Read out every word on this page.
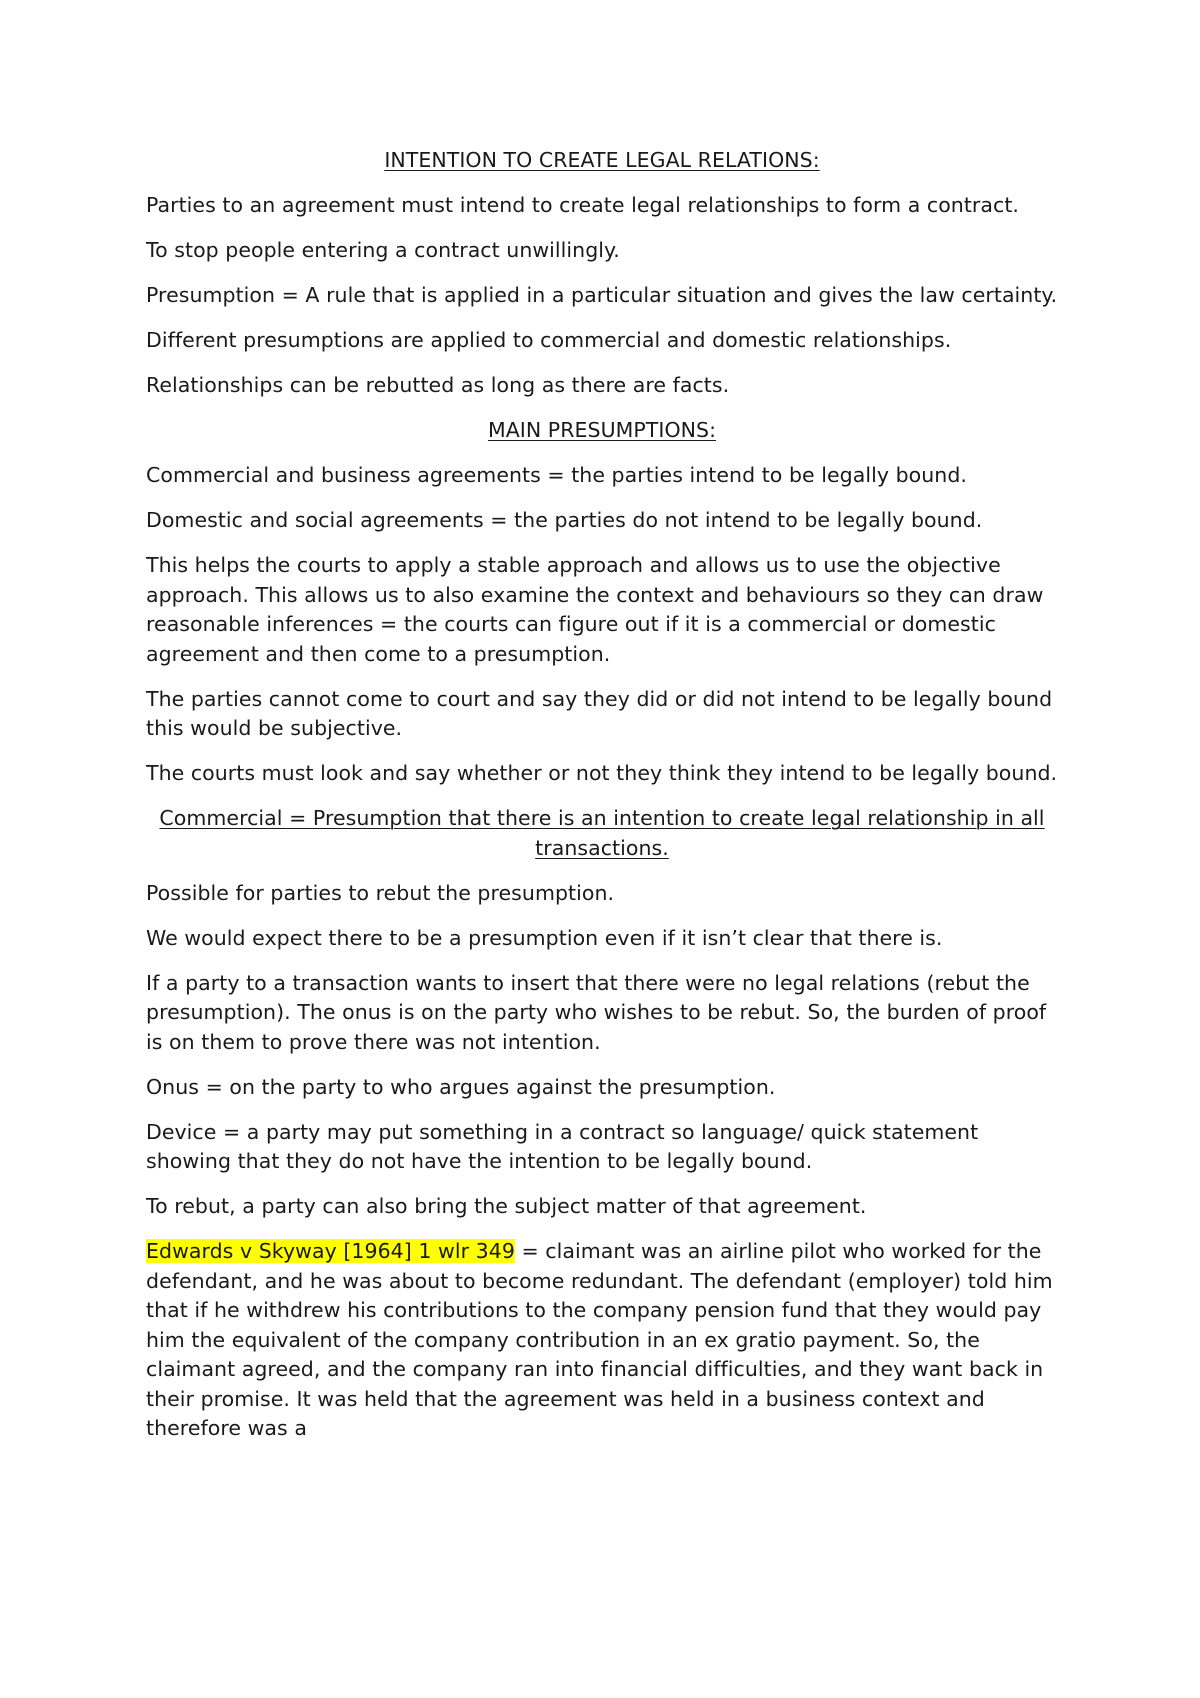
INTENTION TO CREATE LEGAL RELATIONS:

Parties to an agreement must intend to create legal relationships to form a contract.

To stop people entering a contract unwillingly.

Presumption = A rule that is applied in a particular situation and gives the law certainty.

Different presumptions are applied to commercial and domestic relationships.

Relationships can be rebutted as long as there are facts.

MAIN PRESUMPTIONS:

Commercial and business agreements = the parties intend to be legally bound.

Domestic and social agreements = the parties do not intend to be legally bound.

This helps the courts to apply a stable approach and allows us to use the objective approach. This allows us to also examine the context and behaviours so they can draw reasonable inferences = the courts can figure out if it is a commercial or domestic agreement and then come to a presumption.

The parties cannot come to court and say they did or did not intend to be legally bound this would be subjective.

The courts must look and say whether or not they think they intend to be legally bound.

Commercial = Presumption that there is an intention to create legal relationship in all transactions.

Possible for parties to rebut the presumption.

We would expect there to be a presumption even if it isn’t clear that there is.

If a party to a transaction wants to insert that there were no legal relations (rebut the presumption). The onus is on the party who wishes to be rebut. So, the burden of proof is on them to prove there was not intention.

Onus = on the party to who argues against the presumption.

Device = a party may put something in a contract so language/ quick statement showing that they do not have the intention to be legally bound.

To rebut, a party can also bring the subject matter of that agreement.

Edwards v Skyway [1964] 1 wlr 349 = claimant was an airline pilot who worked for the defendant, and he was about to become redundant. The defendant (employer) told him that if he withdrew his contributions to the company pension fund that they would pay him the equivalent of the company contribution in an ex gratio payment. So, the claimant agreed, and the company ran into financial difficulties, and they want back in their promise. It was held that the agreement was held in a business context and therefore was a
